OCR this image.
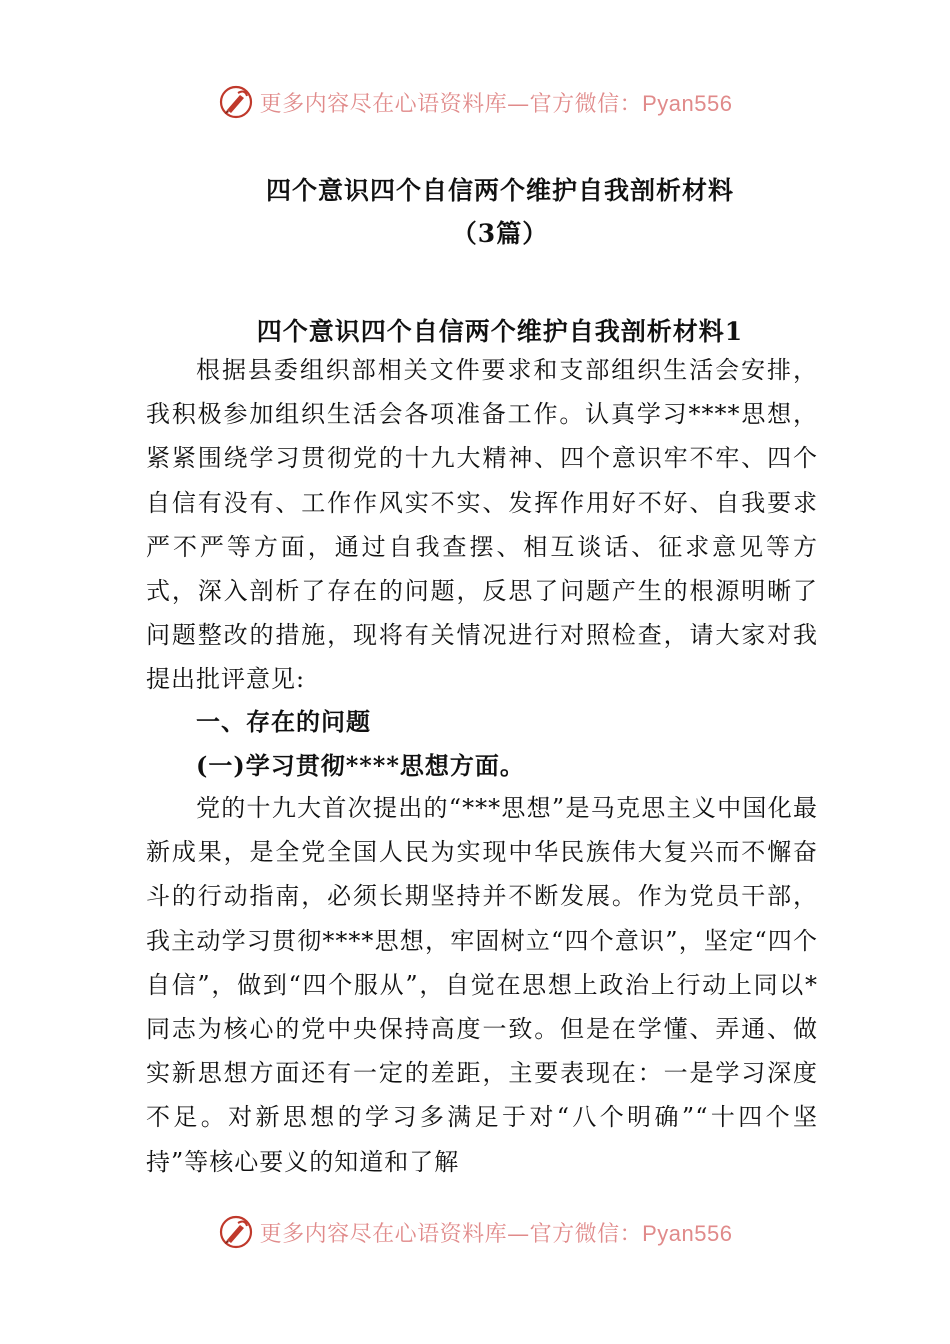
更多内容尽在心语资料库—官方微信：Pyan556
四个意识四个自信两个维护自我剖析材料
（3篇）
四个意识四个自信两个维护自我剖析材料1
根据县委组织部相关文件要求和支部组织生活会安排，我积极参加组织生活会各项准备工作。认真学习****思想，紧紧围绕学习贯彻党的十九大精神、四个意识牢不牢、四个自信有没有、工作作风实不实、发挥作用好不好、自我要求严不严等方面，通过自我查摆、相互谈话、征求意见等方式，深入剖析了存在的问题，反思了问题产生的根源明晰了问题整改的措施，现将有关情况进行对照检查，请大家对我提出批评意见:
一、存在的问题
(一)学习贯彻****思想方面。
党的十九大首次提出的“***思想”是马克思主义中国化最新成果，是全党全国人民为实现中华民族伟大复兴而不懈奋斗的行动指南，必须长期坚持并不断发展。作为党员干部，我主动学习贯彻****思想，牢固树立“四个意识”，坚定“四个自信”，做到“四个服从”，自觉在思想上政治上行动上同以*同志为核心的党中央保持高度一致。但是在学懂、弄通、做实新思想方面还有一定的差距，主要表现在：一是学习深度不足。对新思想的学习多满足于对“八个明确”“十四个坚持”等核心要义的知道和了解
更多内容尽在心语资料库—官方微信：Pyan556
